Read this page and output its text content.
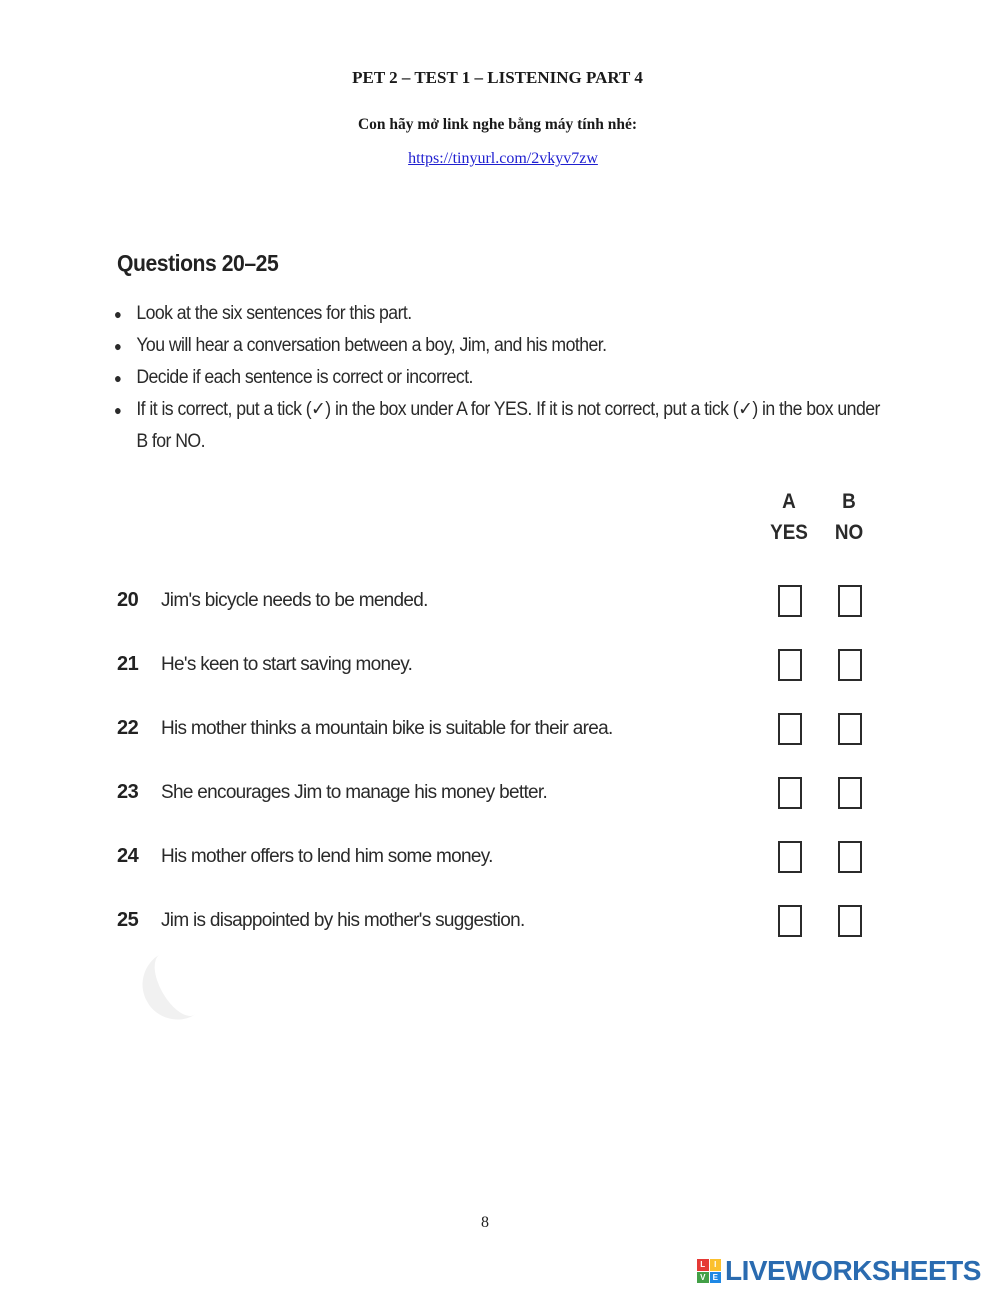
PET 2 – TEST 1 – LISTENING PART 4
Con hãy mở link nghe bằng máy tính nhé:
https://tinyurl.com/2vkyv7zw
Questions 20–25
● Look at the six sentences for this part.
● You will hear a conversation between a boy, Jim, and his mother.
● Decide if each sentence is correct or incorrect.
● If it is correct, put a tick (✓) in the box under A for YES. If it is not correct, put a tick (✓) in the box under B for NO.
A
YES
B
NO
20 Jim's bicycle needs to be mended.
21 He's keen to start saving money.
22 His mother thinks a mountain bike is suitable for their area.
23 She encourages Jim to manage his money better.
24 His mother offers to lend him some money.
25 Jim is disappointed by his mother's suggestion.
8
L	I
V E LIVEWORKSHEETS
